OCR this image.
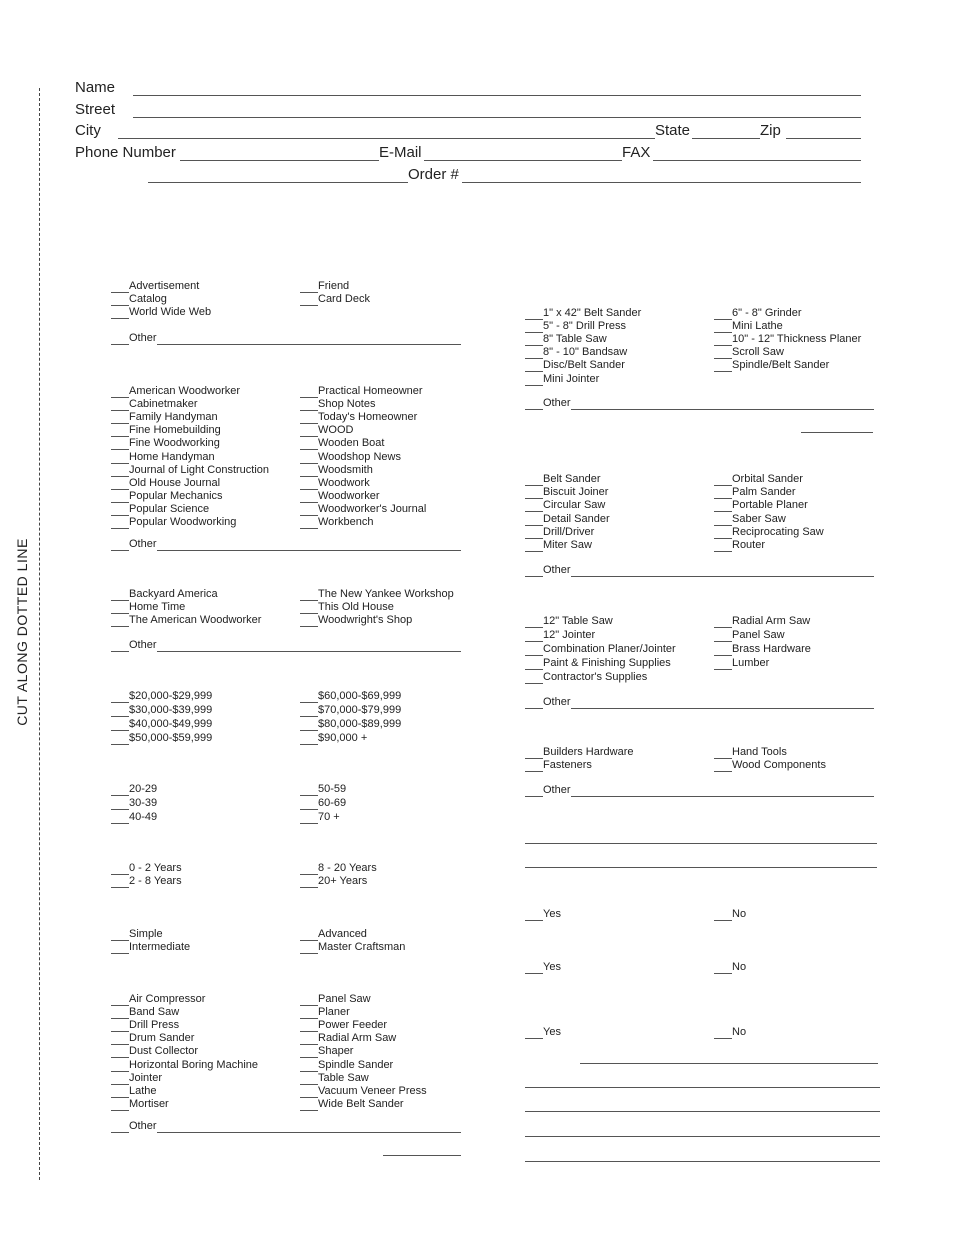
CUT ALONG DOTTED LINE
Name
Street
City	State	Zip
Phone Number	E-Mail	FAX
Order #
Advertisement
Catalog
World Wide Web
Friend
Card Deck
Other
American Woodworker
Cabinetmaker
Family Handyman
Fine Homebuilding
Fine Woodworking
Home Handyman
Journal of Light Construction
Old House Journal
Popular Mechanics
Popular Science
Popular Woodworking
Practical Homeowner
Shop Notes
Today's Homeowner
WOOD
Wooden Boat
Woodshop News
Woodsmith
Woodwork
Woodworker
Woodworker's Journal
Workbench
Other
Backyard America
Home Time
The American Woodworker
The New Yankee Workshop
This Old House
Woodwright's Shop
Other
$20,000-$29,999
$30,000-$39,999
$40,000-$49,999
$50,000-$59,999
$60,000-$69,999
$70,000-$79,999
$80,000-$89,999
$90,000 +
20-29
30-39
40-49
50-59
60-69
70 +
0 - 2 Years
2 - 8 Years
8 - 20 Years
20+ Years
Simple
Intermediate
Advanced
Master Craftsman
Air Compressor
Band Saw
Drill Press
Drum Sander
Dust Collector
Horizontal Boring Machine
Jointer
Lathe
Mortiser
Panel Saw
Planer
Power Feeder
Radial Arm Saw
Shaper
Spindle Sander
Table Saw
Vacuum Veneer Press
Wide Belt Sander
Other
1" x 42" Belt Sander
5" - 8" Drill Press
8" Table Saw
8" - 10" Bandsaw
Disc/Belt Sander
Mini Jointer
6" - 8" Grinder
Mini Lathe
10" - 12" Thickness Planer
Scroll Saw
Spindle/Belt Sander
Other
Belt Sander
Biscuit Joiner
Circular Saw
Detail Sander
Drill/Driver
Miter Saw
Orbital Sander
Palm Sander
Portable Planer
Saber Saw
Reciprocating Saw
Router
Other
12" Table Saw
12" Jointer
Combination Planer/Jointer
Paint & Finishing Supplies
Contractor's Supplies
Radial Arm Saw
Panel Saw
Brass Hardware
Lumber
Other
Builders Hardware
Fasteners
Hand Tools
Wood Components
Other
Yes	No
Yes	No
Yes	No
